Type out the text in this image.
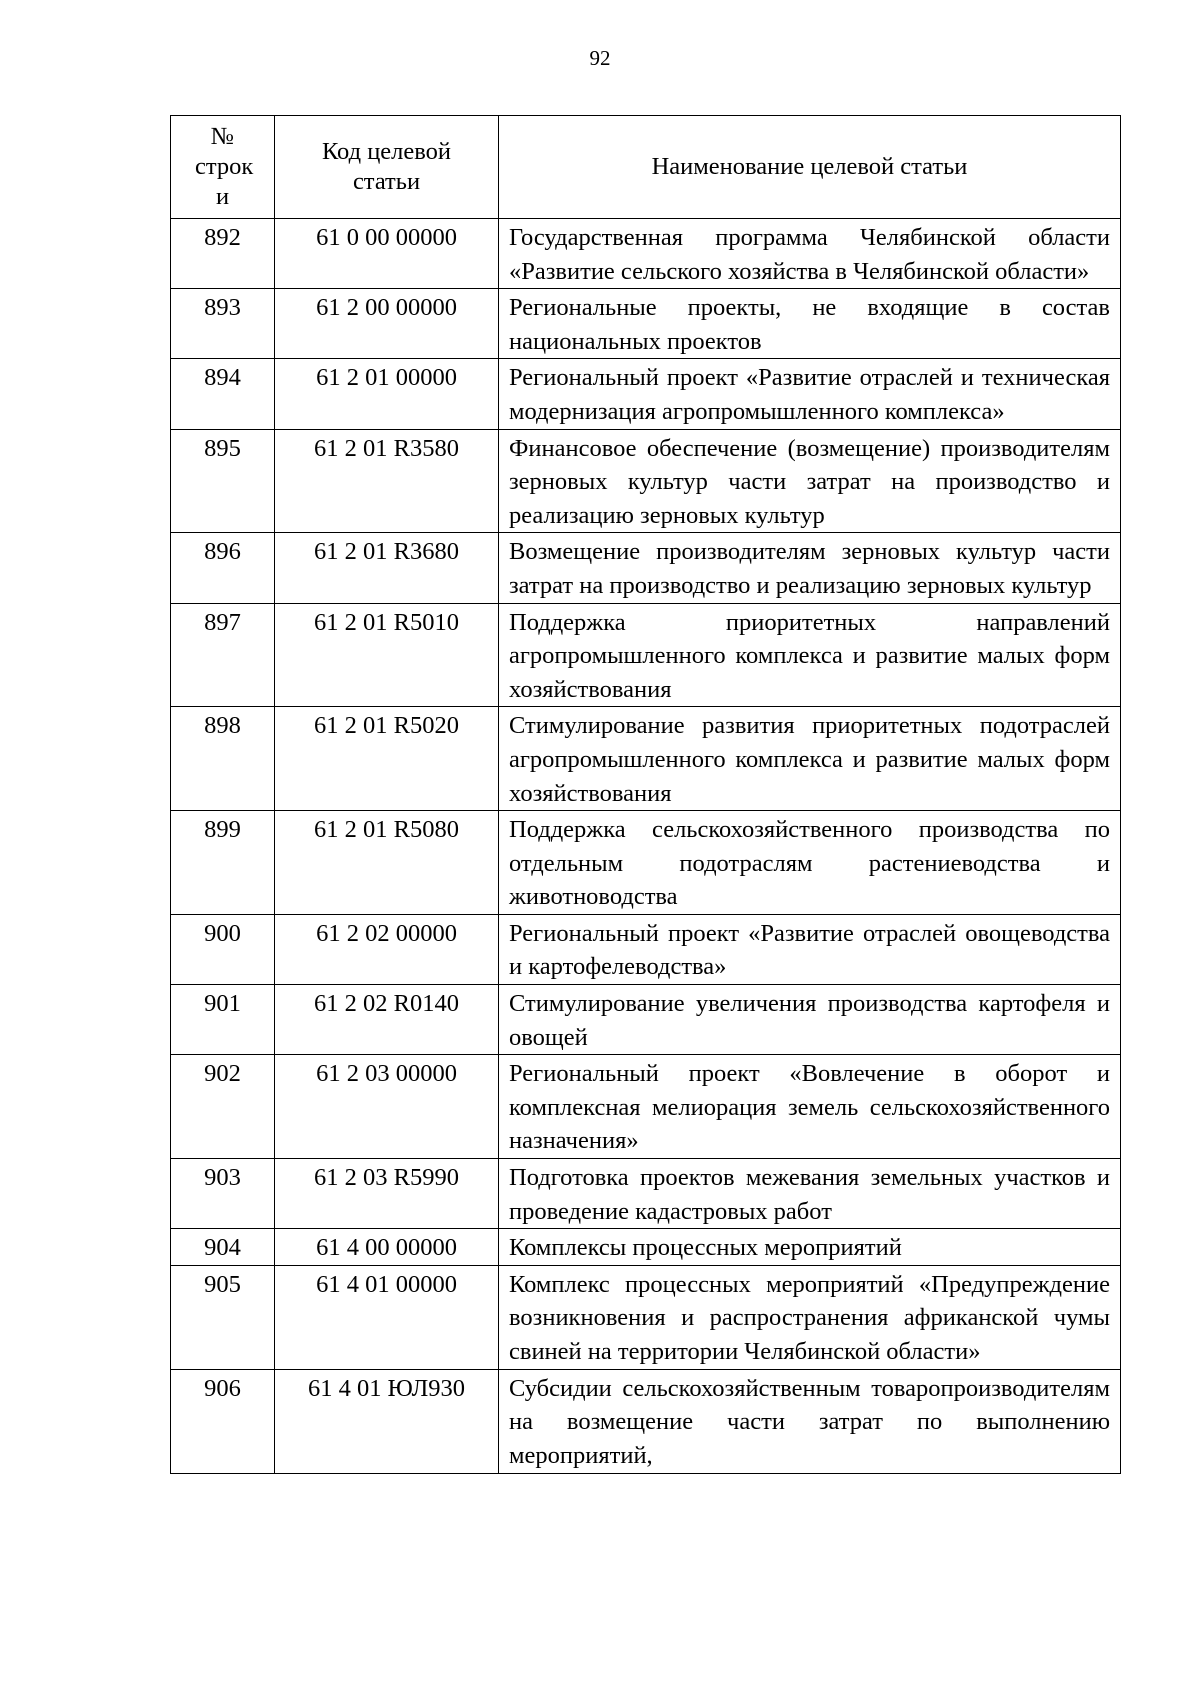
92
№ строк и	Код целевой статьи	Наименование целевой статьи
892	61 0 00 00000	Государственная программа Челябинской области «Развитие сельского хозяйства в Челябинской области»
893	61 2 00 00000	Региональные проекты, не входящие в состав национальных проектов
894	61 2 01 00000	Региональный проект «Развитие отраслей и техническая модернизация агропромышленного комплекса»
895	61 2 01 R3580	Финансовое обеспечение (возмещение) производителям зерновых культур части затрат на производство и реализацию зерновых культур
896	61 2 01 R3680	Возмещение производителям зерновых культур части затрат на производство и реализацию зерновых культур
897	61 2 01 R5010	Поддержка приоритетных направлений агропромышленного комплекса и развитие малых форм хозяйствования
898	61 2 01 R5020	Стимулирование развития приоритетных подотраслей агропромышленного комплекса и развитие малых форм хозяйствования
899	61 2 01 R5080	Поддержка сельскохозяйственного производства по отдельным подотраслям растениеводства и животноводства
900	61 2 02 00000	Региональный проект «Развитие отраслей овощеводства и картофелеводства»
901	61 2 02 R0140	Стимулирование увеличения производства картофеля и овощей
902	61 2 03 00000	Региональный проект «Вовлечение в оборот и комплексная мелиорация земель сельскохозяйственного назначения»
903	61 2 03 R5990	Подготовка проектов межевания земельных участков и проведение кадастровых работ
904	61 4 00 00000	Комплексы процессных мероприятий
905	61 4 01 00000	Комплекс процессных мероприятий «Предупреждение возникновения и распространения африканской чумы свиней на территории Челябинской области»
906	61 4 01 ЮЛ930	Субсидии сельскохозяйственным товаропроизводителям на возмещение части затрат по выполнению мероприятий,
